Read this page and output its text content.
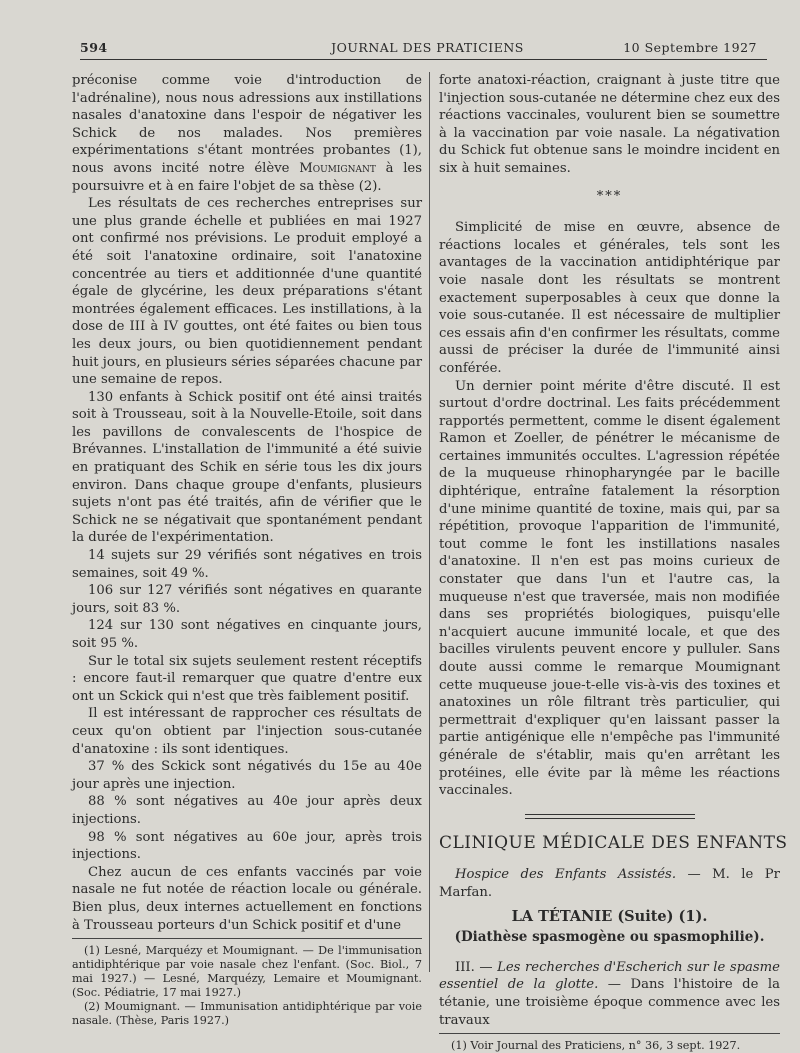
594	JOURNAL DES PRATICIENS	10 Septembre 1927

préconise comme voie d'introduction de l'adrénaline), nous nous adressions aux instillations nasales d'anatoxine dans l'espoir de négativer les Schick de nos malades. Nos premières expérimentations s'étant montrées probantes (1), nous avons incité notre élève Moumignant à les poursuivre et à en faire l'objet de sa thèse (2).

Les résultats de ces recherches entreprises sur une plus grande échelle et publiées en mai 1927 ont confirmé nos prévisions. Le produit employé a été soit l'anatoxine ordinaire, soit l'anatoxine concentrée au tiers et additionnée d'une quantité égale de glycérine, les deux préparations s'étant montrées également efficaces. Les instillations, à la dose de III à IV gouttes, ont été faites ou bien tous les deux jours, ou bien quotidiennement pendant huit jours, en plusieurs séries séparées chacune par une semaine de repos.

130 enfants à Schick positif ont été ainsi traités soit à Trousseau, soit à la Nouvelle-Etoile, soit dans les pavillons de convalescents de l'hospice de Brévannes. L'installation de l'immunité a été suivie en pratiquant des Schik en série tous les dix jours environ. Dans chaque groupe d'enfants, plusieurs sujets n'ont pas été traités, afin de vérifier que le Schick ne se négativait que spontanément pendant la durée de l'expérimentation.

14 sujets sur 29 vérifiés sont négatives en trois semaines, soit 49 %.

106 sur 127 vérifiés sont négatives en quarante jours, soit 83 %.

124 sur 130 sont négatives en cinquante jours, soit 95 %.

Sur le total six sujets seulement restent réceptifs : encore faut-il remarquer que quatre d'entre eux ont un Sckick qui n'est que très faiblement positif.

Il est intéressant de rapprocher ces résultats de ceux qu'on obtient par l'injection sous-cutanée d'anatoxine : ils sont identiques.

37 % des Sckick sont négativés du 15e au 40e jour après une injection.

88 % sont négatives au 40e jour après deux injections.

98 % sont négatives au 60e jour, après trois injections.

Chez aucun de ces enfants vaccinés par voie nasale ne fut notée de réaction locale ou générale. Bien plus, deux internes actuellement en fonctions à Trousseau porteurs d'un Schick positif et d'une

(1) Lesné, Marquézy et Moumignant. — De l'immunisation antidiphtérique par voie nasale chez l'enfant. (Soc. Biol., 7 mai 1927.) — Lesné, Marquézy, Lemaire et Moumignant. (Soc. Pédiatrie, 17 mai 1927.)

(2) Moumignant. — Immunisation antidiphtérique par voie nasale. (Thèse, Paris 1927.)

forte anatoxi-réaction, craignant à juste titre que l'injection sous-cutanée ne détermine chez eux des réactions vaccinales, voulurent bien se soumettre à la vaccination par voie nasale. La négativation du Schick fut obtenue sans le moindre incident en six à huit semaines.

***

Simplicité de mise en œuvre, absence de réactions locales et générales, tels sont les avantages de la vaccination antidiphtérique par voie nasale dont les résultats se montrent exactement superposables à ceux que donne la voie sous-cutanée. Il est nécessaire de multiplier ces essais afin d'en confirmer les résultats, comme aussi de préciser la durée de l'immunité ainsi conférée.

Un dernier point mérite d'être discuté. Il est surtout d'ordre doctrinal. Les faits précédemment rapportés permettent, comme le disent également Ramon et Zoeller, de pénétrer le mécanisme de certaines immunités occultes. L'agression répétée de la muqueuse rhinopharyngée par le bacille diphtérique, entraîne fatalement la résorption d'une minime quantité de toxine, mais qui, par sa répétition, provoque l'apparition de l'immunité, tout comme le font les instillations nasales d'anatoxine. Il n'en est pas moins curieux de constater que dans l'un et l'autre cas, la muqueuse n'est que traversée, mais non modifiée dans ses propriétés biologiques, puisqu'elle n'acquiert aucune immunité locale, et que des bacilles virulents peuvent encore y pulluler. Sans doute aussi comme le remarque Moumignant cette muqueuse joue-t-elle vis-à-vis des toxines et anatoxines un rôle filtrant très particulier, qui permettrait d'expliquer qu'en laissant passer la partie antigénique elle n'empêche pas l'immunité générale de s'établir, mais qu'en arrêtant les protéines, elle évite par là même les réactions vaccinales.

CLINIQUE MÉDICALE DES ENFANTS

Hospice des Enfants Assistés. — M. le Pr Marfan.

LA TÉTANIE (Suite) (1).
(Diathèse spasmogène ou spasmophilie).

III. — Les recherches d'Escherich sur le spasme essentiel de la glotte. — Dans l'histoire de la tétanie, une troisième époque commence avec les travaux

(1) Voir Journal des Praticiens, n° 36, 3 sept. 1927.
